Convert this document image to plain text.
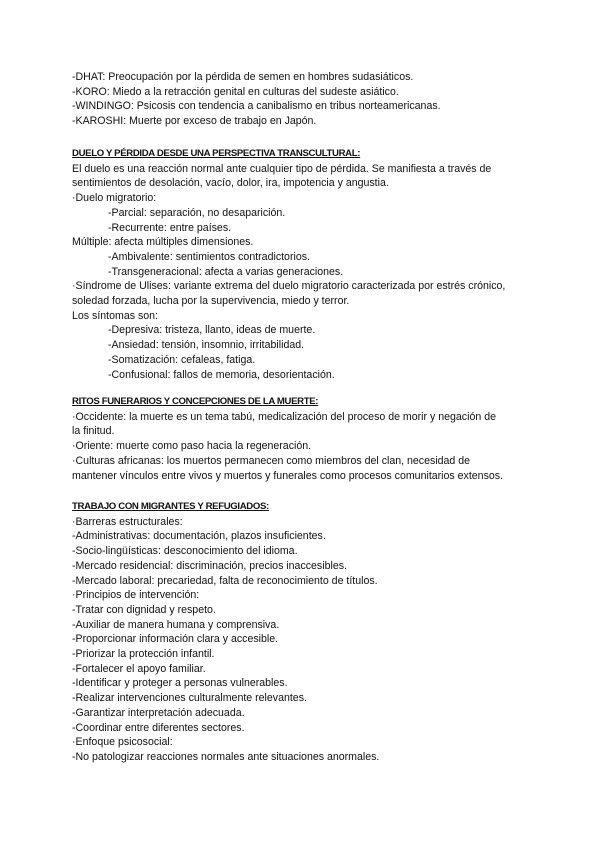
-DHAT: Preocupación por la pérdida de semen en hombres sudasiáticos.
-KORO: Miedo a la retracción genital en culturas del sudeste asiático.
-WINDINGO: Psicosis con tendencia a canibalismo en tribus norteamericanas.
-KAROSHI: Muerte por exceso de trabajo en Japón.
DUELO Y PÉRDIDA DESDE UNA PERSPECTIVA TRANSCULTURAL:
El duelo es una reacción normal ante cualquier tipo de pérdida. Se manifiesta a través de
sentimientos de desolación, vacío, dolor, ira, impotencia y angustia.
·Duelo migratorio:
-Parcial: separación, no desaparición.
-Recurrente: entre países.
Múltiple: afecta múltiples dimensiones.
-Ambivalente: sentimientos contradictorios.
-Transgeneracional: afecta a varias generaciones.
·Síndrome de Ulises: variante extrema del duelo migratorio caracterizada por estrés crónico,
soledad forzada, lucha por la supervivencia, miedo y terror.
Los síntomas son:
-Depresiva: tristeza, llanto, ideas de muerte.
-Ansiedad: tensión, insomnio, irritabilidad.
-Somatización: cefaleas, fatiga.
-Confusional: fallos de memoria, desorientación.
RITOS FUNERARIOS Y CONCEPCIONES DE LA MUERTE:
·Occidente: la muerte es un tema tabú, medicalización del proceso de morir y negación de
la finitud.
·Oriente: muerte como paso hacia la regeneración.
·Culturas africanas: los muertos permanecen como miembros del clan, necesidad de
mantener vínculos entre vivos y muertos y funerales como procesos comunitarios extensos.
TRABAJO CON MIGRANTES Y REFUGIADOS:
·Barreras estructurales:
-Administrativas: documentación, plazos insuficientes.
-Socio-lingüísticas: desconocimiento del idioma.
-Mercado residencial: discriminación, precios inaccesibles.
-Mercado laboral: precariedad, falta de reconocimiento de títulos.
·Principios de intervención:
-Tratar con dignidad y respeto.
-Auxiliar de manera humana y comprensiva.
-Proporcionar información clara y accesible.
-Priorizar la protección infantil.
-Fortalecer el apoyo familiar.
-Identificar y proteger a personas vulnerables.
-Realizar intervenciones culturalmente relevantes.
-Garantizar interpretación adecuada.
-Coordinar entre diferentes sectores.
·Enfoque psicosocial:
-No patologizar reacciones normales ante situaciones anormales.
